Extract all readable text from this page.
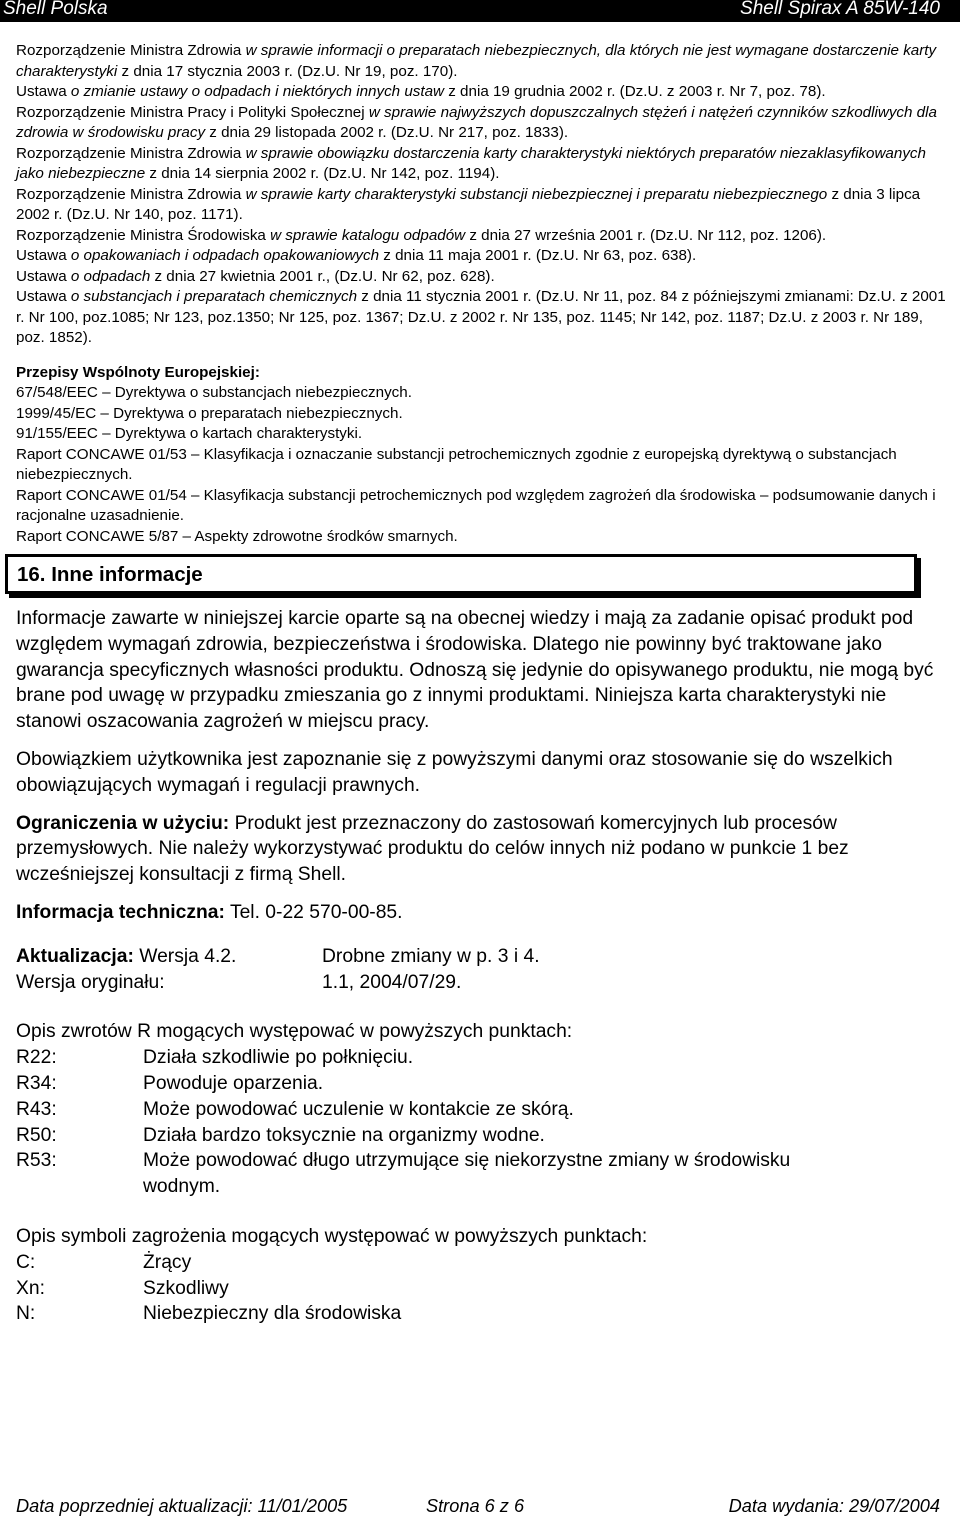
Shell Polska	Shell Spirax A 85W-140

Rozporządzenie Ministra Zdrowia w sprawie informacji o preparatach niebezpiecznych, dla których nie jest wymagane dostarczenie karty charakterystyki z dnia 17 stycznia 2003 r. (Dz.U. Nr 19, poz. 170).

Ustawa o zmianie ustawy o odpadach i niektórych innych ustaw z dnia 19 grudnia 2002 r. (Dz.U. z 2003 r. Nr 7, poz. 78).

Rozporządzenie Ministra Pracy i Polityki Społecznej w sprawie najwyższych dopuszczalnych stężeń i natężeń czynników szkodliwych dla zdrowia w środowisku pracy z dnia 29 listopada 2002 r. (Dz.U. Nr 217, poz. 1833).

Rozporządzenie Ministra Zdrowia w sprawie obowiązku dostarczenia karty charakterystyki niektórych preparatów niezaklasyfikowanych jako niebezpieczne z dnia 14 sierpnia 2002 r. (Dz.U. Nr 142, poz. 1194).

Rozporządzenie Ministra Zdrowia w sprawie karty charakterystyki substancji niebezpiecznej i preparatu niebezpiecznego z dnia 3 lipca 2002 r. (Dz.U. Nr 140, poz. 1171).

Rozporządzenie Ministra Środowiska w sprawie katalogu odpadów z dnia 27 września 2001 r. (Dz.U. Nr 112, poz. 1206).

Ustawa o opakowaniach i odpadach opakowaniowych z dnia 11 maja 2001 r. (Dz.U. Nr 63, poz. 638).

Ustawa o odpadach z dnia 27 kwietnia 2001 r., (Dz.U. Nr 62, poz. 628).

Ustawa o substancjach i preparatach chemicznych z dnia 11 stycznia 2001 r. (Dz.U. Nr 11, poz. 84 z późniejszymi zmianami: Dz.U. z 2001 r. Nr 100, poz.1085; Nr 123, poz.1350; Nr 125, poz. 1367; Dz.U. z 2002 r. Nr 135, poz. 1145; Nr 142, poz. 1187; Dz.U. z 2003 r. Nr 189, poz. 1852).

Przepisy Wspólnoty Europejskiej:

67/548/EEC – Dyrektywa o substancjach niebezpiecznych.

1999/45/EC – Dyrektywa o preparatach niebezpiecznych.

91/155/EEC – Dyrektywa o kartach charakterystyki.

Raport CONCAWE 01/53 – Klasyfikacja i oznaczanie substancji petrochemicznych zgodnie z europejską dyrektywą o substancjach niebezpiecznych.

Raport CONCAWE 01/54 – Klasyfikacja substancji petrochemicznych pod względem zagrożeń dla środowiska – podsumowanie danych i racjonalne uzasadnienie.

Raport CONCAWE 5/87 – Aspekty zdrowotne środków smarnych.

16. Inne informacje

Informacje zawarte w niniejszej karcie oparte są na obecnej wiedzy i mają za zadanie opisać produkt pod względem wymagań zdrowia, bezpieczeństwa i środowiska. Dlatego nie powinny być traktowane jako gwarancja specyficznych własności produktu. Odnoszą się jedynie do opisywanego produktu, nie mogą być brane pod uwagę w przypadku zmieszania go z innymi produktami. Niniejsza karta charakterystyki nie stanowi oszacowania zagrożeń w miejscu pracy.

Obowiązkiem użytkownika jest zapoznanie się z powyższymi danymi oraz stosowanie się do wszelkich obowiązujących wymagań i regulacji prawnych.

Ograniczenia w użyciu: Produkt jest przeznaczony do zastosowań komercyjnych lub procesów przemysłowych. Nie należy wykorzystywać produktu do celów innych niż podano w punkcie 1 bez wcześniejszej konsultacji z firmą Shell.

Informacja techniczna: Tel. 0-22 570-00-85.

Aktualizacja: Wersja 4.2.	Drobne zmiany w p. 3 i 4.
Wersja oryginału:	1.1, 2004/07/29.

Opis zwrotów R mogących występować w powyższych punktach:

R22:	Działa szkodliwie po połknięciu.
R34:	Powoduje oparzenia.
R43:	Może powodować uczulenie w kontakcie ze skórą.
R50:	Działa bardzo toksycznie na organizmy wodne.
R53:	Może powodować długo utrzymujące się niekorzystne zmiany w środowisku wodnym.

Opis symboli zagrożenia mogących występować w powyższych punktach:

C:	Żrący
Xn:	Szkodliwy
N:	Niebezpieczny dla środowiska
Data poprzedniej aktualizacji: 11/01/2005	Strona 6 z 6	Data wydania: 29/07/2004
